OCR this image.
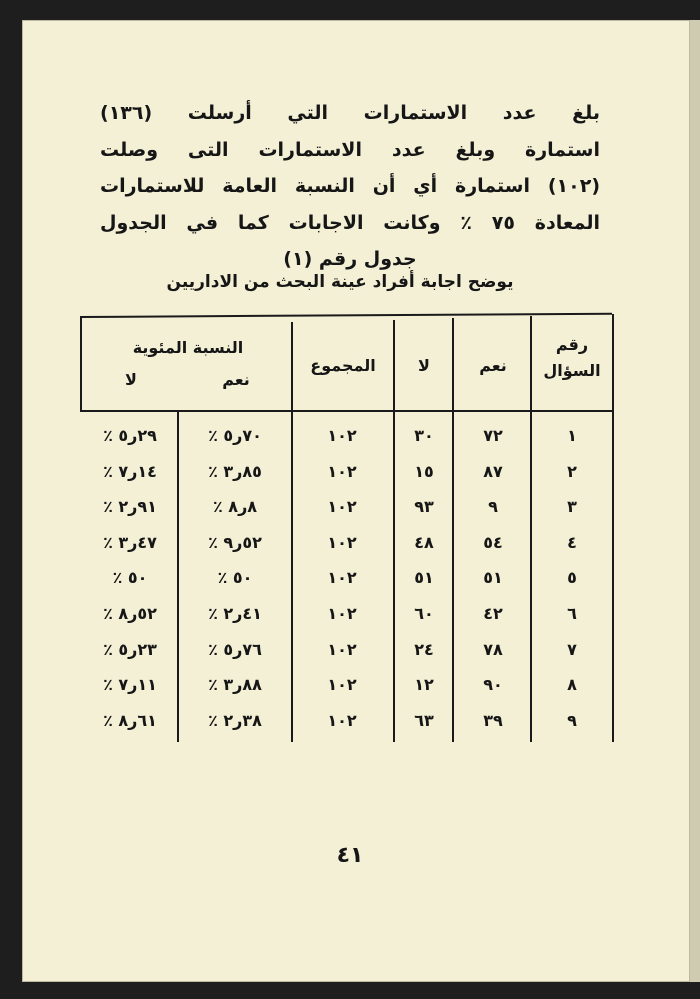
بلغ عدد الاستمارات التي أرسلت (١٣٦)
استمارة وبلغ عدد الاستمارات التى وصلت
(١٠٢) استمارة أي أن النسبة العامة للاستمارات
المعادة ٧٥ ٪ وكانت الاجابات كما في الجدول
جدول رقم (١)
يوضح اجابة أفراد عينة البحث من الاداريين
رقم السؤال
نعم
لا
المجموع
النسبة المئوية
نعم
لا
١
٧٢
٣٠
١٠٢
٧٠ر٥ ٪
٢٩ر٥ ٪
٢
٨٧
١٥
١٠٢
٨٥ر٣ ٪
١٤ر٧ ٪
٣
٩
٩٣
١٠٢
٨ر٨ ٪
٩١ر٢ ٪
٤
٥٤
٤٨
١٠٢
٥٢ر٩ ٪
٤٧ر٣ ٪
٥
٥١
٥١
١٠٢
٥٠ ٪
٥٠ ٪
٦
٤٢
٦٠
١٠٢
٤١ر٢ ٪
٥٢ر٨ ٪
٧
٧٨
٢٤
١٠٢
٧٦ر٥ ٪
٢٣ر٥ ٪
٨
٩٠
١٢
١٠٢
٨٨ر٣ ٪
١١ر٧ ٪
٩
٣٩
٦٣
١٠٢
٣٨ر٢ ٪
٦١ر٨ ٪
٤١
